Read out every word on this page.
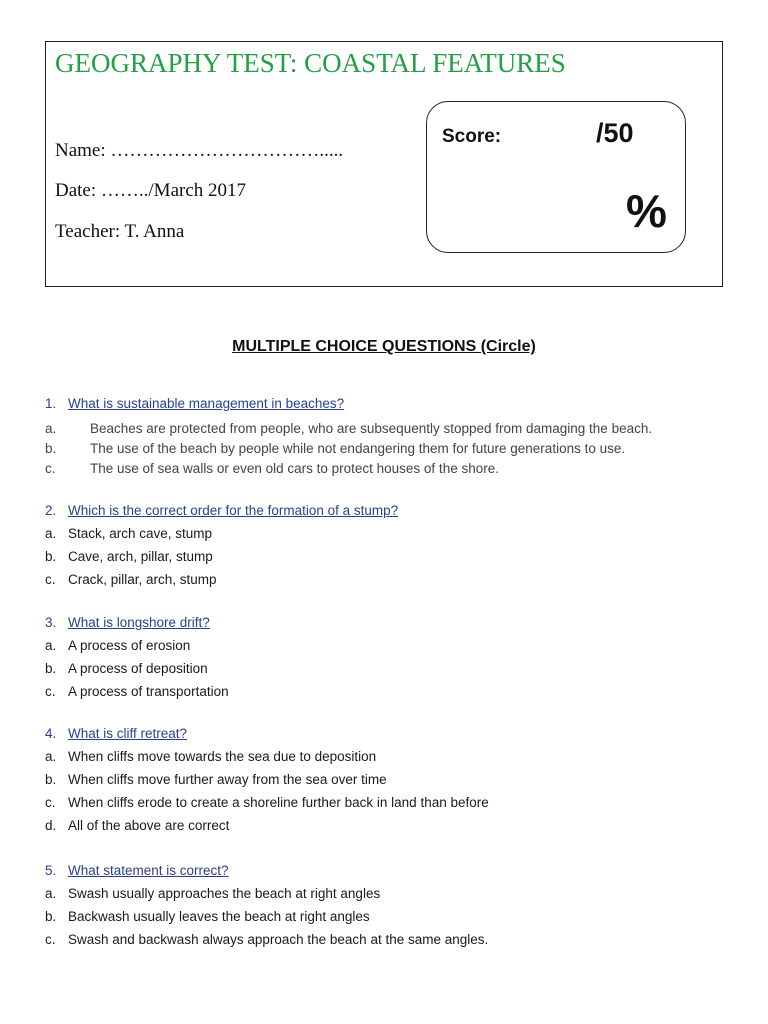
GEOGRAPHY TEST: COASTAL FEATURES
Name: …………………………….....
Date: ……../March 2017
Teacher: T. Anna
Score:	/50
%
MULTIPLE CHOICE QUESTIONS (Circle)
1. What is sustainable management in beaches?
a. Beaches are protected from people, who are subsequently stopped from damaging the beach.
b. The use of the beach by people while not endangering them for future generations to use.
c.	The use of sea walls or even old cars to protect houses of the shore.
2. Which is the correct order for the formation of a stump?
a. Stack, arch cave, stump
b. Cave, arch, pillar, stump
c. Crack, pillar, arch, stump
3. What is longshore drift?
a. A process of erosion
b. A process of deposition
c. A process of transportation
4. What is cliff retreat?
a. When cliffs move towards the sea due to deposition
b. When cliffs move further away from the sea over time
c. When cliffs erode to create a shoreline further back in land than before
d. All of the above are correct
5. What statement is correct?
a. Swash usually approaches the beach at right angles
b. Backwash usually leaves the beach at right angles
c. Swash and backwash always approach the beach at the same angles.
